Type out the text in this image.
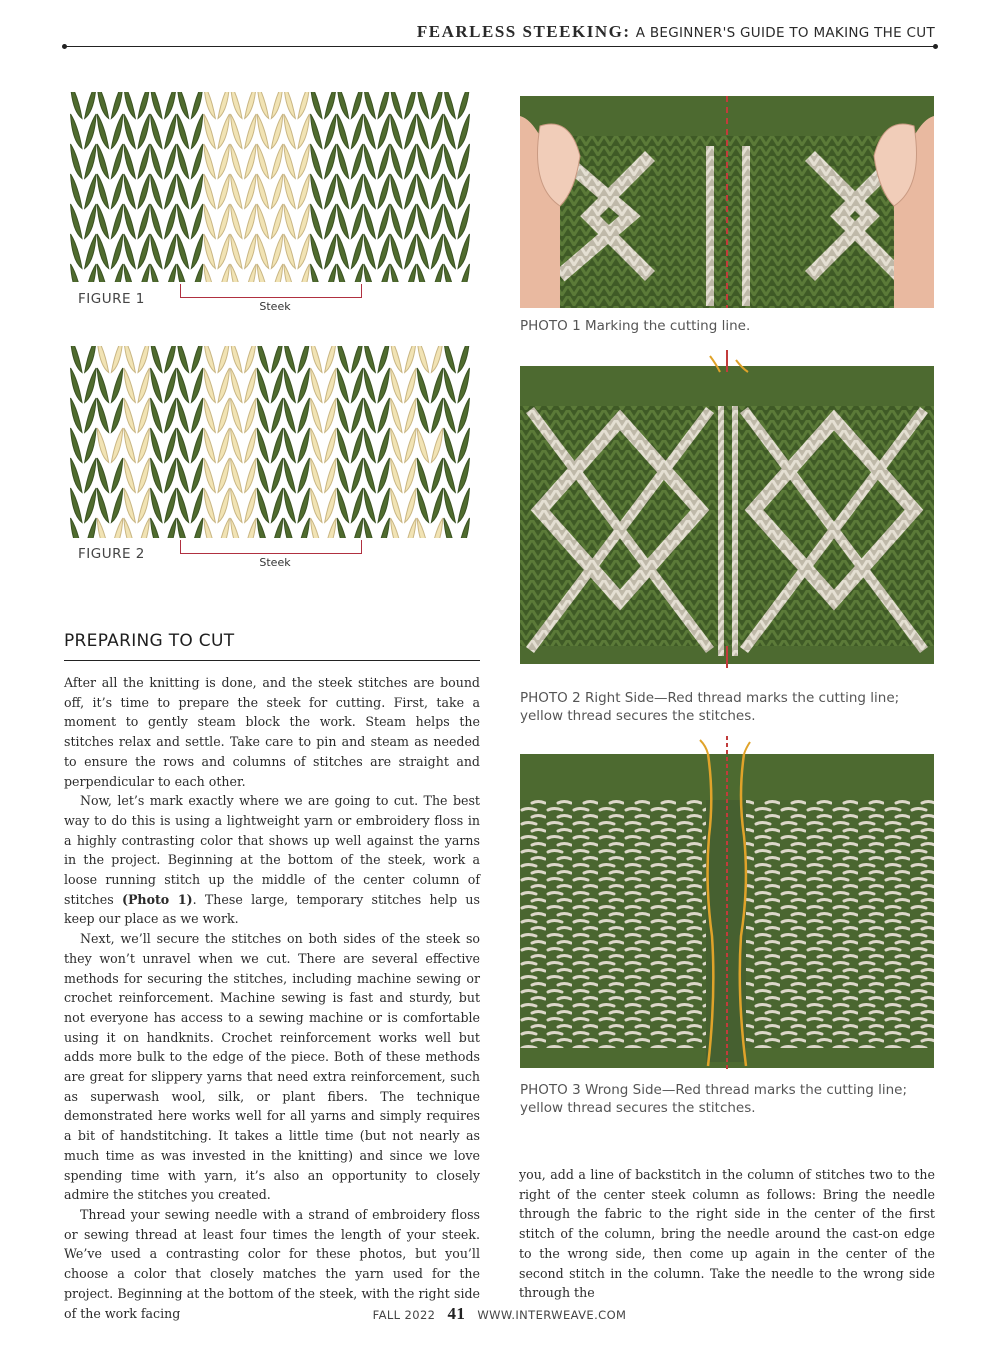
FEARLESS STEEKING: A BEGINNER'S GUIDE TO MAKING THE CUT
FIGURE 1	Steek
FIGURE 2
Steek
PHOTO 1 Marking the cutting line.
PHOTO 2 Right Side—Red thread marks the cutting line; yellow thread secures the stitches.
PHOTO 3 Wrong Side—Red thread marks the cutting line; yellow thread secures the stitches.
PREPARING TO CUT

After all the knitting is done, and the steek stitches are bound off, it’s time to prepare the steek for cutting. First, take a moment to gently steam block the work. Steam helps the stitches relax and settle. Take care to pin and steam as needed to ensure the rows and columns of stitches are straight and perpendicular to each other.

Now, let’s mark exactly where we are going to cut. The best way to do this is using a lightweight yarn or embroidery floss in a highly contrasting color that shows up well against the yarns in the project. Beginning at the bottom of the steek, work a loose running stitch up the middle of the center column of stitches (Photo 1). These large, temporary stitches help us keep our place as we work.

Next, we’ll secure the stitches on both sides of the steek so they won’t unravel when we cut. There are several effective methods for securing the stitches, including machine sewing or crochet reinforcement. Machine sewing is fast and sturdy, but not everyone has access to a sewing machine or is comfortable using it on handknits. Crochet reinforcement works well but adds more bulk to the edge of the piece. Both of these methods are great for slippery yarns that need extra reinforcement, such as superwash wool, silk, or plant fibers. The technique demonstrated here works well for all yarns and simply requires a bit of handstitching. It takes a little time (but not nearly as much time as was invested in the knitting) and since we love spending time with yarn, it’s also an opportunity to closely admire the stitches you created.

Thread your sewing needle with a strand of embroidery floss or sewing thread at least four times the length of your steek. We’ve used a contrasting color for these photos, but you’ll choose a color that closely matches the yarn used for the project. Beginning at the bottom of the steek, with the right side of the work facing

you, add a line of backstitch in the column of stitches two to the right of the center steek column as follows: Bring the needle through the fabric to the right side in the center of the first stitch of the column, bring the needle around the cast-on edge to the wrong side, then come up again in the center of the second stitch in the column. Take the needle to the wrong side through the

FALL 2022 41 WWW.INTERWEAVE.COM
